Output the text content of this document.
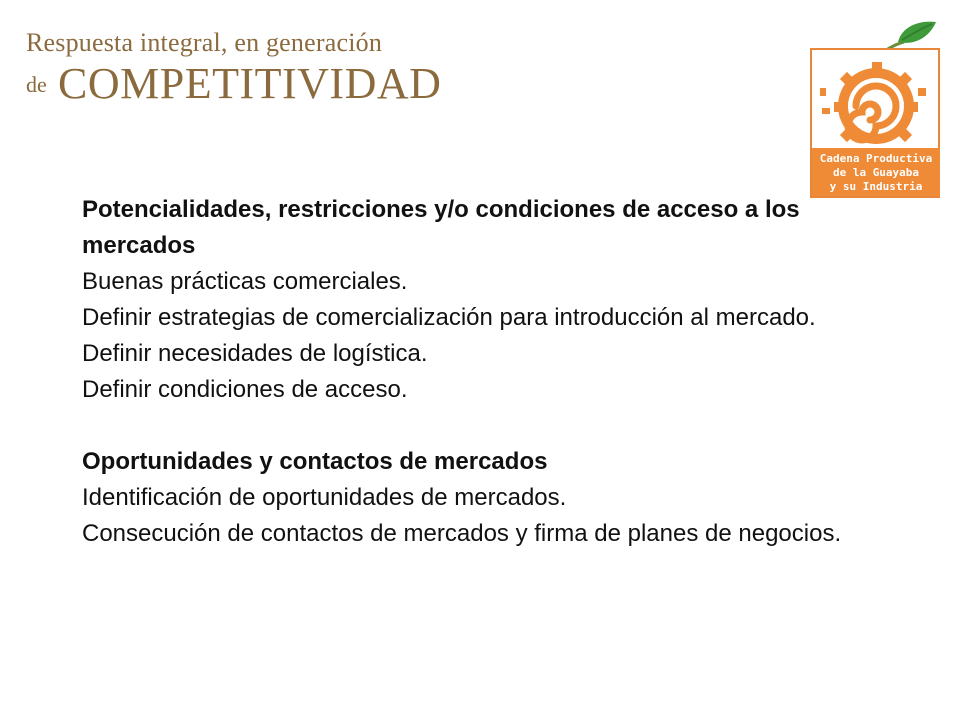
Respuesta integral, en generación
de COMPETITIVIDAD
Cadena Productiva
de la Guayaba
y su Industria

Potencialidades, restricciones y/o condiciones de acceso a los mercados

Buenas prácticas comerciales.

Definir estrategias de comercialización para introducción al mercado.

Definir necesidades de logística.

Definir condiciones de acceso.

Oportunidades y contactos de mercados

Identificación de oportunidades de mercados.

Consecución de contactos de mercados y firma de planes de negocios.
